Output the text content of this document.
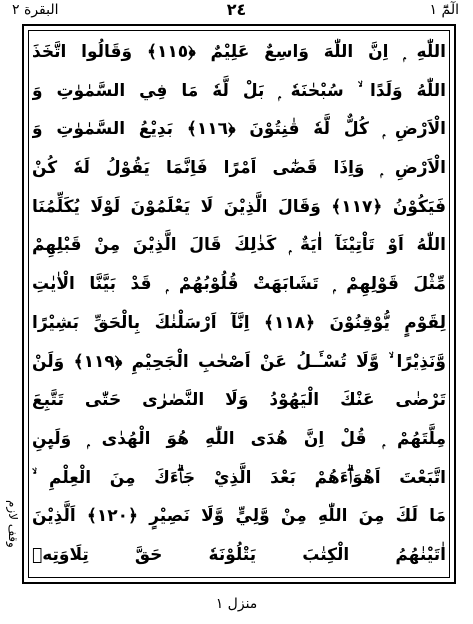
البقرة ٢	٢٤	الٓمّٓ ١
اللّٰهِ ۭ اِنَّ اللّٰهَ وَاسِعٌ عَلِيْمٌ ﴿١١٥﴾ وَقَالُوا اتَّخَذَ
اللّٰهُ وَلَدًا ۙ سُبْحٰنَهٗ ۭ بَلْ لَّهٗ مَا فِي السَّمٰوٰتِ وَ
الْاَرْضِ ۭ كُلٌّ لَّهٗ قٰنِتُوْنَ ﴿١١٦﴾ بَدِيْعُ السَّمٰوٰتِ وَ
الْاَرْضِ ۭ وَاِذَا قَضٰٓى اَمْرًا فَاِنَّمَا يَقُوْلُ لَهٗ كُنْ
فَيَكُوْنُ ﴿١١٧﴾ وَقَالَ الَّذِيْنَ لَا يَعْلَمُوْنَ لَوْلَا يُكَلِّمُنَا
اللّٰهُ اَوْ تَاْتِيْنَآ اٰيَةٌ ۭ كَذٰلِكَ قَالَ الَّذِيْنَ مِنْ قَبْلِهِمْ
مِّثْلَ قَوْلِهِمْ ۭ تَشَابَهَتْ قُلُوْبُهُمْ ۭ قَدْ بَيَّنَّا الْاٰيٰتِ
لِقَوْمٍ يُّوْقِنُوْنَ ﴿١١٨﴾ اِنَّآ اَرْسَلْنٰكَ بِالْحَقِّ بَشِيْرًا
وَّنَذِيْرًا ۙ وَّلَا تُسْـَٔـلُ عَنْ اَصْحٰبِ الْجَحِيْمِ ﴿١١٩﴾ وَلَنْ
تَرْضٰى عَنْكَ الْيَهُوْدُ وَلَا النَّصٰرٰى حَتّٰى تَتَّبِعَ
مِلَّتَهُمْ ۭ قُلْ اِنَّ هُدَى اللّٰهِ هُوَ الْهُدٰى ۭ وَلَىِٕنِ
اتَّبَعْتَ اَهْوَاۗءَهُمْ بَعْدَ الَّذِيْ جَاۗءَكَ مِنَ الْعِلْمِ ۙ
مَا لَكَ مِنَ اللّٰهِ مِنْ وَّلِيٍّ وَّلَا نَصِيْرٍ ﴿١٢٠﴾ اَلَّذِيْنَ
اٰتَيْنٰهُمُ الْكِتٰبَ يَتْلُوْنَهٗ حَقَّ تِلَاوَتِهٖ
وقف لازم
منزل ١
